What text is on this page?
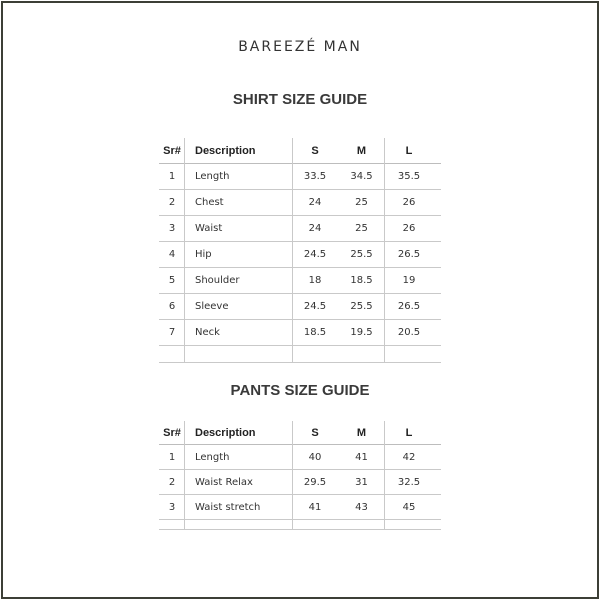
BAREEZÉ MAN
SHIRT SIZE GUIDE
Sr#	Description	S	M	L
1	Length	33.5	34.5	35.5
2	Chest	24	25	26
3	Waist	24	25	26
4	Hip	24.5	25.5	26.5
5	Shoulder	18	18.5	19
6	Sleeve	24.5	25.5	26.5
7	Neck	18.5	19.5	20.5
PANTS SIZE GUIDE
Sr#	Description	S	M	L
1	Length	40	41	42
2	Waist Relax	29.5	31	32.5
3	Waist stretch	41	43	45
